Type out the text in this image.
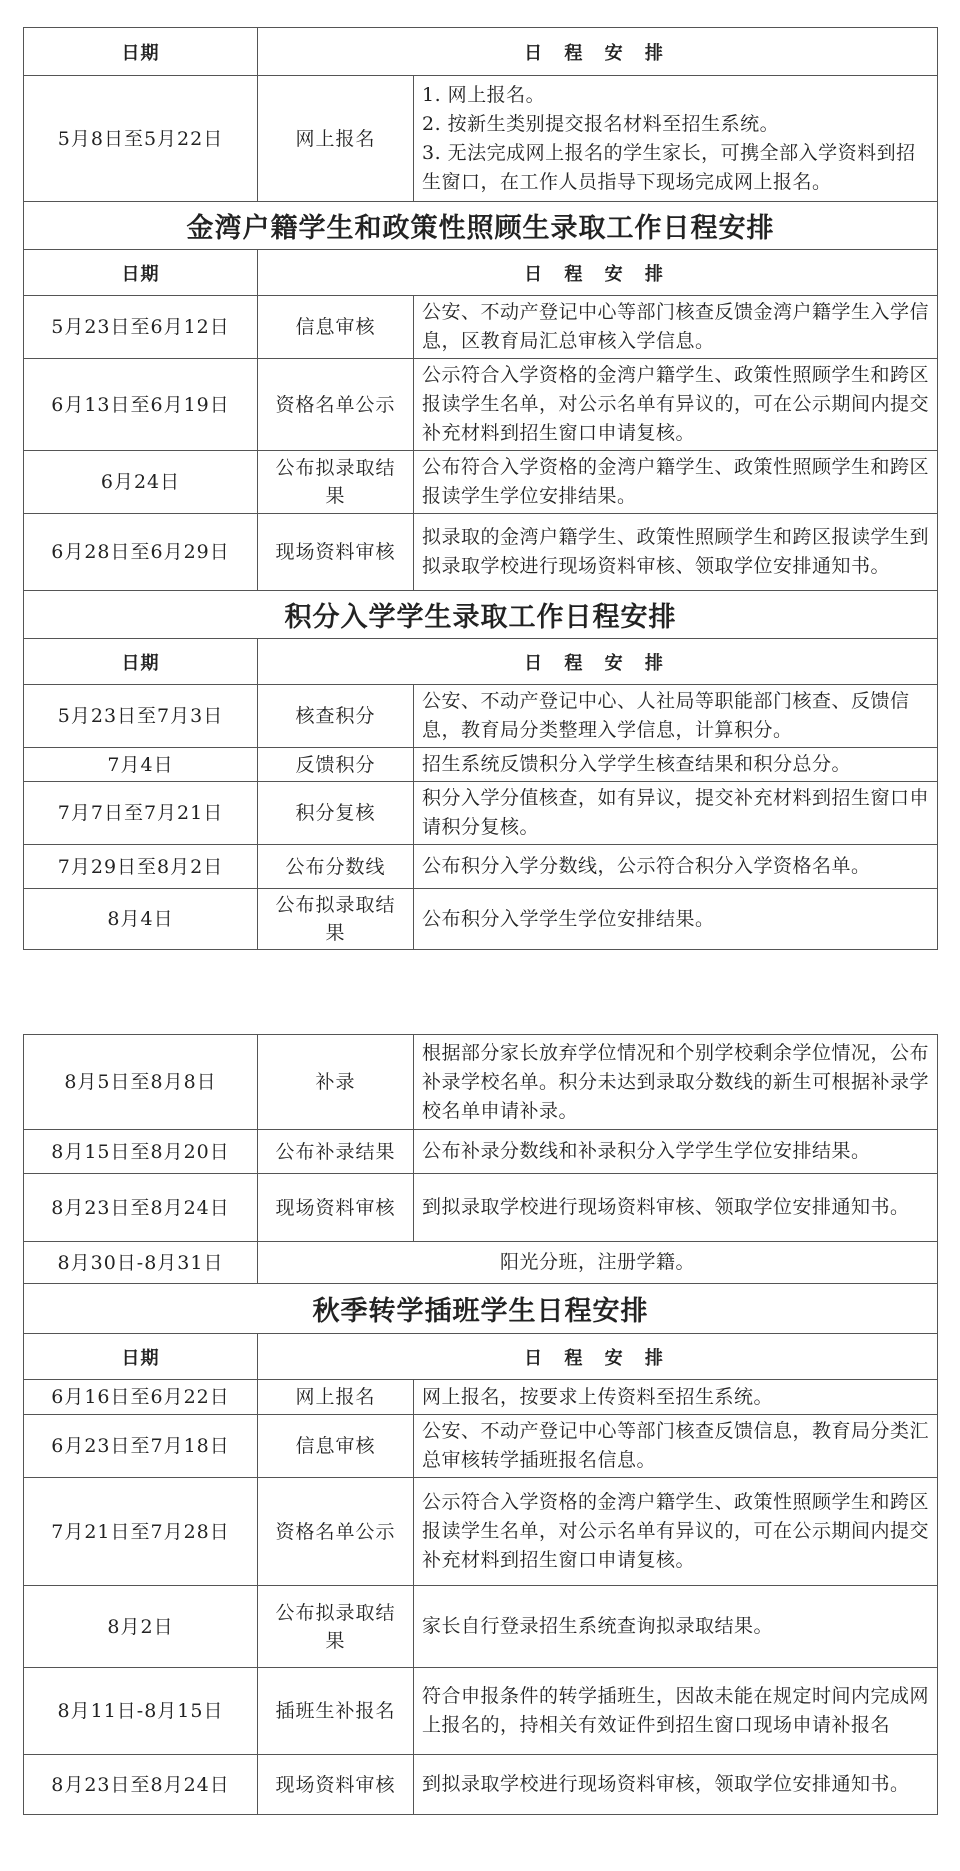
日期	日 程 安 排	
5月8日至5月22日	网上报名	1. 网上报名。
2. 按新生类别提交报名材料至招生系统。
3. 无法完成网上报名的学生家长，可携全部入学资料到招生窗口，在工作人员指导下现场完成网上报名。

金湾户籍学生和政策性照顾生录取工作日程安排		
日期	日 程 安 排	
5月23日至6月12日	信息审核	公安、不动产登记中心等部门核查反馈金湾户籍学生入学信息，区教育局汇总审核入学信息。
6月13日至6月19日	资格名单公示	公示符合入学资格的金湾户籍学生、政策性照顾学生和跨区报读学生名单，对公示名单有异议的，可在公示期间内提交补充材料到招生窗口申请复核。
6月24日	公布拟录取结果	公布符合入学资格的金湾户籍学生、政策性照顾学生和跨区报读学生学位安排结果。
6月28日至6月29日	现场资料审核	拟录取的金湾户籍学生、政策性照顾学生和跨区报读学生到拟录取学校进行现场资料审核、领取学位安排通知书。
积分入学学生录取工作日程安排		
日期	日 程 安 排	
5月23日至7月3日	核查积分	公安、不动产登记中心、人社局等职能部门核查、反馈信息，教育局分类整理入学信息，计算积分。
7月4日	反馈积分	招生系统反馈积分入学学生核查结果和积分总分。
7月7日至7月21日	积分复核	积分入学分值核查，如有异议，提交补充材料到招生窗口申请积分复核。
7月29日至8月2日	公布分数线	公布积分入学分数线，公示符合积分入学资格名单。
8月4日	公布拟录取结果	公布积分入学学生学位安排结果。
8月5日至8月8日	补录	根据部分家长放弃学位情况和个别学校剩余学位情况，公布补录学校名单。积分未达到录取分数线的新生可根据补录学校名单申请补录。
8月15日至8月20日	公布补录结果	公布补录分数线和补录积分入学学生学位安排结果。
8月23日至8月24日	现场资料审核	到拟录取学校进行现场资料审核、领取学位安排通知书。
8月30日-8月31日	阳光分班，注册学籍。	
秋季转学插班学生日程安排		
日期	日 程 安 排	
6月16日至6月22日	网上报名	网上报名，按要求上传资料至招生系统。
6月23日至7月18日	信息审核	公安、不动产登记中心等部门核查反馈信息，教育局分类汇总审核转学插班报名信息。
7月21日至7月28日	资格名单公示	公示符合入学资格的金湾户籍学生、政策性照顾学生和跨区报读学生名单，对公示名单有异议的，可在公示期间内提交补充材料到招生窗口申请复核。
8月2日	公布拟录取结果	家长自行登录招生系统查询拟录取结果。
8月11日-8月15日	插班生补报名	符合申报条件的转学插班生，因故未能在规定时间内完成网上报名的，持相关有效证件到招生窗口现场申请补报名
8月23日至8月24日	现场资料审核	到拟录取学校进行现场资料审核，领取学位安排通知书。
